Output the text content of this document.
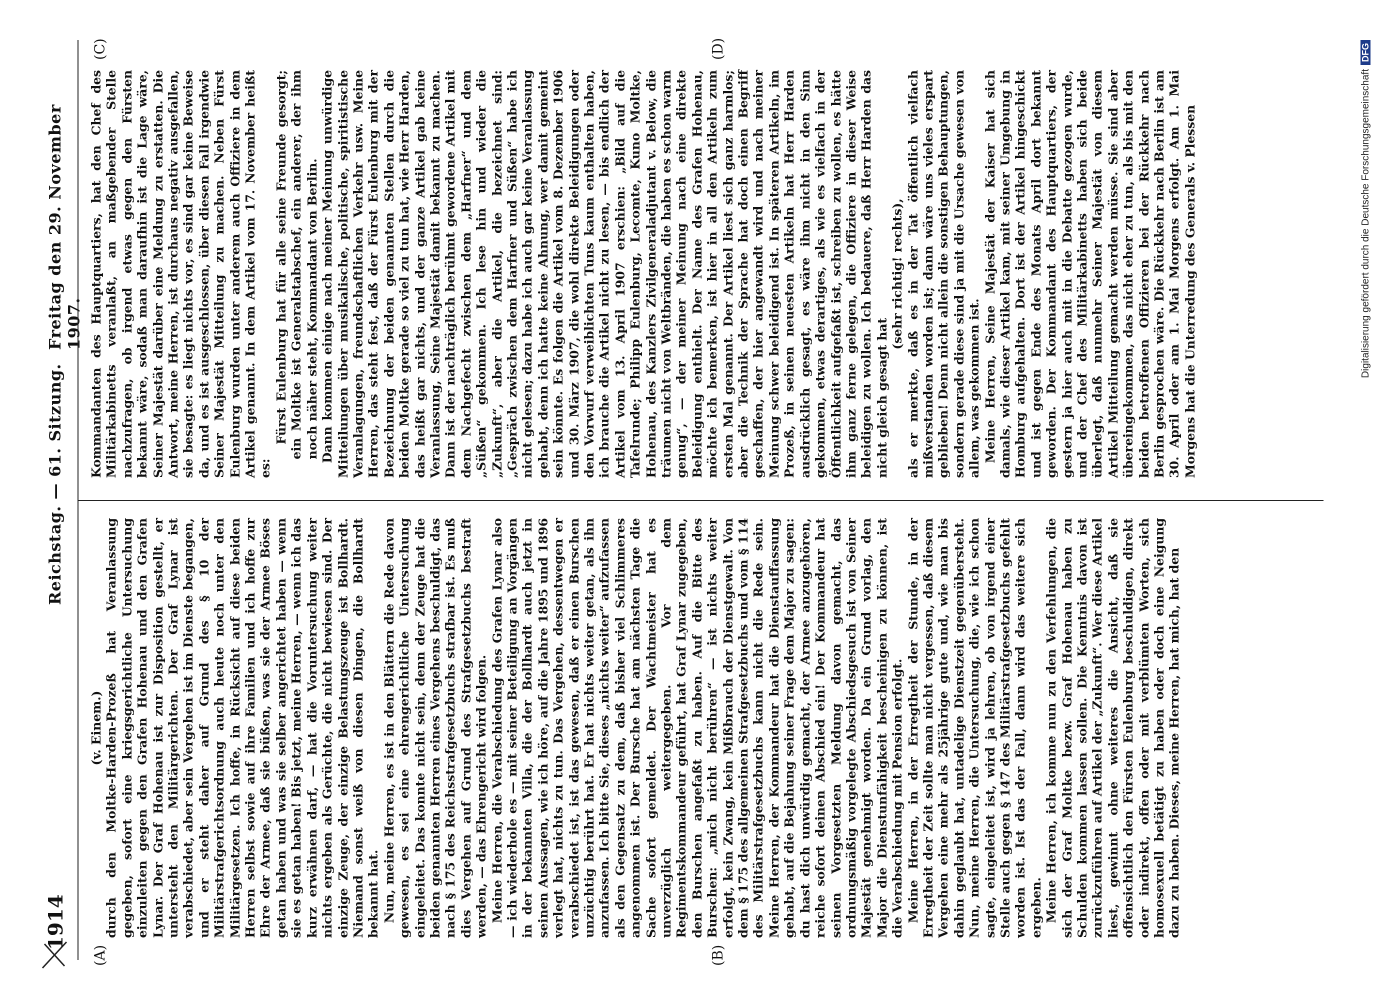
1914
Reichstag. — 61. Sitzung.
Freitag den 29. November 1907.
(A)	(B)
(C)	(D)

(v. Einem.) durch den Moltke-Harden-Prozeß hat Veranlassung gegeben, sofort eine kriegsgerichtliche Untersuchung einzuleiten gegen den Grafen Hohenau und den Grafen Lynar. Der Graf Hohenau ist zur Disposition gestellt, er untersteht den Militärgerichten. Der Graf Lynar ist verabschiedet, aber sein Vergehen ist im Dienste begangen, und er steht daher auf Grund des § 10 der Militärstrafgerichtsordnung auch heute noch unter den Militärgesetzen. Ich hoffe, in Rücksicht auf diese beiden Herren selbst sowie auf ihre Familien und ich hoffe zur Ehre der Armee, daß sie büßen, was sie der Armee Böses getan haben und was sie selber angerichtet haben — wenn sie es getan haben! Bis jetzt, meine Herren, — wenn ich das kurz erwähnen darf, — hat die Voruntersuchung weiter nichts ergeben als Gerüchte, die nicht bewiesen sind. Der einzige Zeuge, der einzige Belastungszeuge ist Bollhardt. Niemand sonst weiß von diesen Dingen, die Bollhardt bekannt hat. Nun, meine Herren, es ist in den Blättern die Rede davon gewesen, es sei eine ehrengerichtliche Untersuchung eingeleitet. Das konnte nicht sein, denn der Zeuge hat die beiden genannten Herren eines Vergehens beschuldigt, das nach § 175 des Reichsstrafgesetzbuchs strafbar ist. Es muß dies Vergehen auf Grund des Strafgesetzbuchs bestraft werden, — das Ehrengericht wird folgen. Meine Herren, die Verabschiedung des Grafen Lynar also — ich wiederhole es — mit seiner Beteiligung an Vorgängen in der bekannten Villa, die der Bollhardt auch jetzt in seinen Aussagen, wie ich höre, auf die Jahre 1895 und 1896 verlegt hat, nichts zu tun. Das Vergehen, dessentwegen er verabschiedet ist, ist das gewesen, daß er einen Burschen unzüchtig berührt hat. Er hat nichts weiter getan, als ihn anzufassen. Ich bitte Sie, dieses „nichts weiter“ aufzufassen als den Gegensatz zu dem, daß bisher viel Schlimmeres angenommen ist. Der Bursche hat am nächsten Tage die Sache sofort gemeldet. Der Wachtmeister hat es unverzüglich weitergegeben. Vor dem Regimentskommandeur geführt, hat Graf Lynar zugegeben, den Burschen angefaßt zu haben. Auf die Bitte des Burschen: „mich nicht berühren“ — ist nichts weiter erfolgt, kein Zwang, kein Mißbrauch der Dienstgewalt. Von dem § 175 des allgemeinen Strafgesetzbuchs und vom § 114 des Militärstrafgesetzbuchs kann nicht die Rede sein. Meine Herren, der Kommandeur hat die Dienstauffassung gehabt, auf die Bejahung seiner Frage dem Major zu sagen: du hast dich unwürdig gemacht, der Armee anzugehören, reiche sofort deinen Abschied ein! Der Kommandeur hat seinen Vorgesetzten Meldung davon gemacht, das ordnungsmäßig vorgelegte Abschiedsgesuch ist von Seiner Majestät genehmigt worden. Da ein Grund vorlag, den Major die Dienstunfähigkeit bescheinigen zu können, ist die Verabschiedung mit Pension erfolgt. Meine Herren, in der Erregtheit der Stunde, in der Erregtheit der Zeit sollte man nicht vergessen, daß diesem Vergehen eine mehr als 25jährige gute und, wie man bis dahin geglaubt hat, untadelige Dienstzeit gegenübersteht. Nun, meine Herren, die Untersuchung, die, wie ich schon sagte, eingeleitet ist, wird ja lehren, ob von irgend einer Stelle auch gegen § 147 des Militärstrafgesetzbuchs gefehlt worden ist. Ist das der Fall, dann wird das weitere sich ergeben. Meine Herren, ich komme nun zu den Verfehlungen, die sich der Graf Moltke bezw. Graf Hohenau haben zu Schulden kommen lassen sollen. Die Kenntnis davon ist zurückzuführen auf Artikel der „Zukunft“. Wer diese Artikel liest, gewinnt ohne weiteres die Ansicht, daß sie offensichtlich den Fürsten Eulenburg beschuldigen, direkt oder indirekt, offen oder mit verblümten Worten, sich homosexuell betätigt zu haben oder doch eine Neigung dazu zu haben. Dieses, meine Herren, hat mich, hat den

Kommandanten des Hauptquartiers, hat den Chef des Militärkabinetts veranlaßt, an maßgebender Stelle nachzufragen, ob irgend etwas gegen den Fürsten bekannt wäre, sodaß man daraufhin ist die Lage wäre, Seiner Majestät darüber eine Meldung zu erstatten. Die Antwort, meine Herren, ist durchaus negativ ausgefallen, sie besagte: es liegt nichts vor, es sind gar keine Beweise da, und es ist ausgeschlossen, über diesen Fall irgendwie Seiner Majestät Mitteilung zu machen. Neben Fürst Eulenburg wurden unter anderem auch Offiziere in dem Artikel genannt. In dem Artikel vom 17. November heißt es:

Fürst Eulenburg hat für alle seine Freunde gesorgt; ein Moltke ist Generalstabschef, ein anderer, der ihm noch näher steht, Kommandant von Berlin. Dann kommen einige nach meiner Meinung unwürdige Mitteilungen über musikalische, politische, spiritistische Veranlagungen, freundschaftlichen Verkehr usw. Meine Herren, das steht fest, daß der Fürst Eulenburg mit der Bezeichnung der beiden genannten Stellen durch die beiden Moltke gerade so viel zu tun hat, wie Herr Harden, das heißt gar nichts, und der ganze Artikel gab keine Veranlassung, Seine Majestät damit bekannt zu machen. Dann ist der nachträglich berühmt gewordene Artikel mit dem Nachgefecht zwischen dem „Harfner“ und dem „Süßen“ gekommen. Ich lese hin und wieder die „Zukunft“, aber die Artikel, die bezeichnet sind: „Gespräch zwischen dem Harfner und Süßen“ habe ich nicht gelesen; dazu habe ich auch gar keine Veranlassung gehabt, denn ich hatte keine Ahnung, wer damit gemeint sein könnte. Es folgen die Artikel vom 8. Dezember 1906 und 30. März 1907, die wohl direkte Beleidigungen oder den Vorwurf verweiblichten Tuns kaum enthalten haben, ich brauche die Artikel nicht zu lesen, — bis endlich der Artikel vom 13. April 1907 erschien: „Bild auf die Tafelrunde; Philipp Eulenburg, Lecomte, Kuno Moltke, Hohenau, des Kanzlers Zivilgeneraladjutant v. Below, die träumen nicht von Weltbränden, die haben es schon warm genug“, — der meiner Meinung nach eine direkte Beleidigung enthielt. Der Name des Grafen Hohenau, möchte ich bemerken, ist hier in all den Artikeln zum ersten Mal genannt. Der Artikel liest sich ganz harmlos; aber die Technik der Sprache hat doch einen Begriff geschaffen, der hier angewandt wird und nach meiner Meinung schwer beleidigend ist. In späteren Artikeln, im Prozeß, in seinen neuesten Artikeln hat Herr Harden ausdrücklich gesagt, es wäre ihm nicht in den Sinn gekommen, etwas derartiges, als wie es vielfach in der Öffentlichkeit aufgefaßt ist, schreiben zu wollen, es hätte ihm ganz ferne gelegen, die Offiziere in dieser Weise beleidigen zu wollen. Ich bedauere, daß Herr Harden das nicht gleich gesagt hat

(sehr richtig! rechts), als er merkte, daß es in der Tat öffentlich vielfach mißverstanden worden ist; dann wäre uns vieles erspart geblieben! Denn nicht allein die sonstigen Behauptungen, sondern gerade diese sind ja mit die Ursache gewesen von allem, was gekommen ist. Meine Herren, Seine Majestät der Kaiser hat sich damals, wie dieser Artikel kam, mit seiner Umgebung in Homburg aufgehalten. Dort ist der Artikel hingeschickt und ist gegen Ende des Monats April dort bekannt geworden. Der Kommandant des Hauptquartiers, der gestern ja hier auch mit in die Debatte gezogen wurde, und der Chef des Militärkabinetts haben sich beide überlegt, daß nunmehr Seiner Majestät von diesem Artikel Mitteilung gemacht werden müsse. Sie sind aber übereingekommen, das nicht eher zu tun, als bis mit den beiden betroffenen Offizieren bei der Rückkehr nach Berlin gesprochen wäre. Die Rückkehr nach Berlin ist am 30. April oder am 1. Mai Morgens erfolgt. Am 1. Mai Morgens hat die Unterredung des Generals v. Plessen	Digitalisierung gefördert durch die Deutsche ForschungsgemeinschaftDFG
